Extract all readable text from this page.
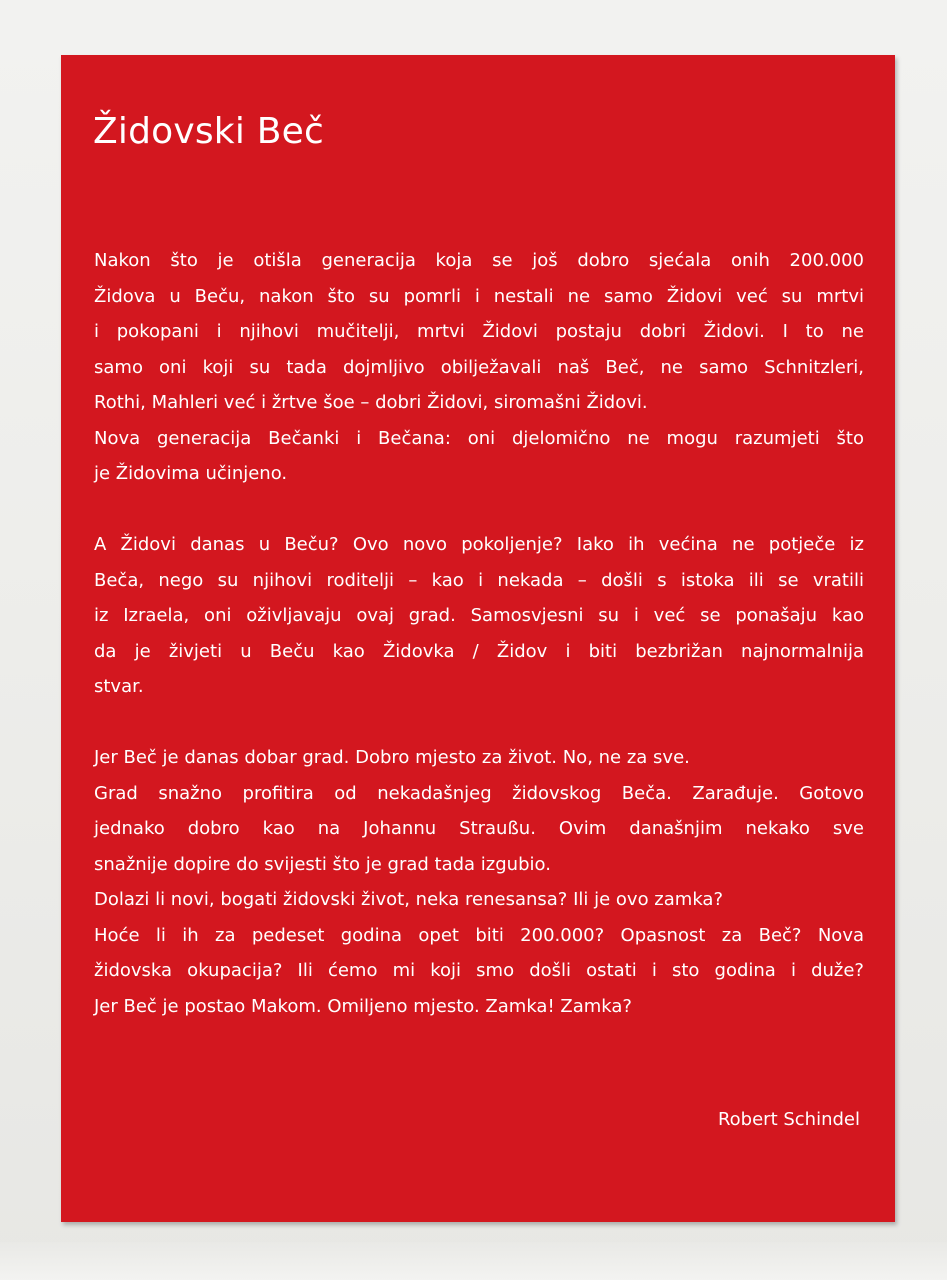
Židovski Beč

Nakon što je otišla generacija koja se još dobro sjećala onih 200.000
Židova u Beču, nakon što su pomrli i nestali ne samo Židovi već su mrtvi
i pokopani i njihovi mučitelji, mrtvi Židovi postaju dobri Židovi. I to ne
samo oni koji su tada dojmljivo obilježavali naš Beč, ne samo Schnitzleri,
Rothi, Mahleri već i žrtve šoe – dobri Židovi, siromašni Židovi.
Nova generacija Bečanki i Bečana: oni djelomično ne mogu razumjeti što
je Židovima učinjeno.

A Židovi danas u Beču? Ovo novo pokoljenje? Iako ih većina ne potječe iz
Beča, nego su njihovi roditelji – kao i nekada – došli s istoka ili se vratili
iz Izraela, oni oživljavaju ovaj grad. Samosvjesni su i već se ponašaju kao
da je živjeti u Beču kao Židovka / Židov i biti bezbrižan najnormalnija
stvar.

Jer Beč je danas dobar grad. Dobro mjesto za život. No, ne za sve.
Grad snažno profitira od nekadašnjeg židovskog Beča. Zarađuje. Gotovo
jednako dobro kao na Johannu Straußu. Ovim današnjim nekako sve
snažnije dopire do svijesti što je grad tada izgubio.
Dolazi li novi, bogati židovski život, neka renesansa? Ili je ovo zamka?
Hoće li ih za pedeset godina opet biti 200.000? Opasnost za Beč? Nova
židovska okupacija? Ili ćemo mi koji smo došli ostati i sto godina i duže?
Jer Beč je postao Makom. Omiljeno mjesto. Zamka! Zamka?

Robert Schindel
